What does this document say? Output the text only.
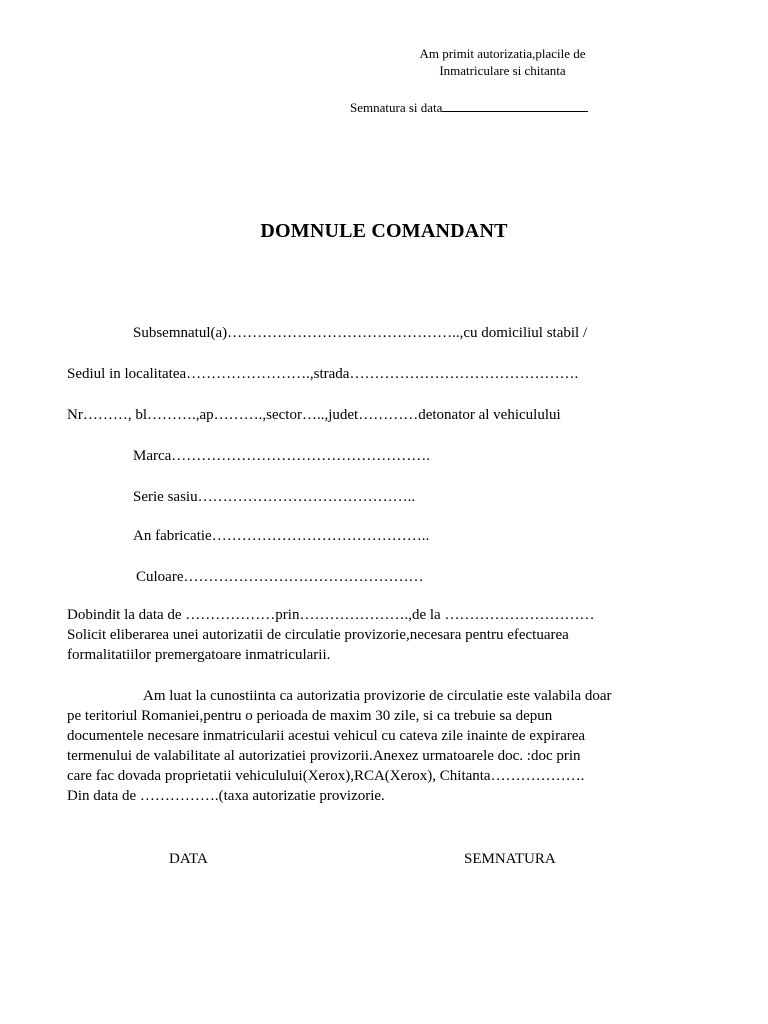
Am primit autorizatia,placile de
Inmatriculare si chitanta
Semnatura si data
DOMNULE COMANDANT
Subsemnatul(a)………………………………………..,cu domiciliul stabil /
Sediul in localitatea…………………….,strada……………………………………….
Nr………, bl……….,ap……….,sector…..,judet…………detonator al vehiculului
Marca…………………………………………….
Serie sasiu……………………………………..
An fabricatie……………………………………..
Culoare…………………………………………
Dobindit la data de ………………prin………………….,de la …………………………
Solicit eliberarea unei autorizatii de circulatie provizorie,necesara pentru efectuarea
formalitatiilor premergatoare inmatricularii.
Am luat la cunostiinta ca autorizatia provizorie de circulatie este valabila doar
pe teritoriul Romaniei,pentru o perioada de maxim 30 zile, si ca trebuie sa depun
documentele necesare inmatricularii acestui vehicul cu cateva zile inainte de expirarea
termenului de valabilitate al autorizatiei provizorii.Anexez urmatoarele doc. :doc prin
care fac dovada proprietatii vehiculului(Xerox),RCA(Xerox), Chitanta……………….
Din data de …………….(taxa autorizatie provizorie.
DATA	SEMNATURA
